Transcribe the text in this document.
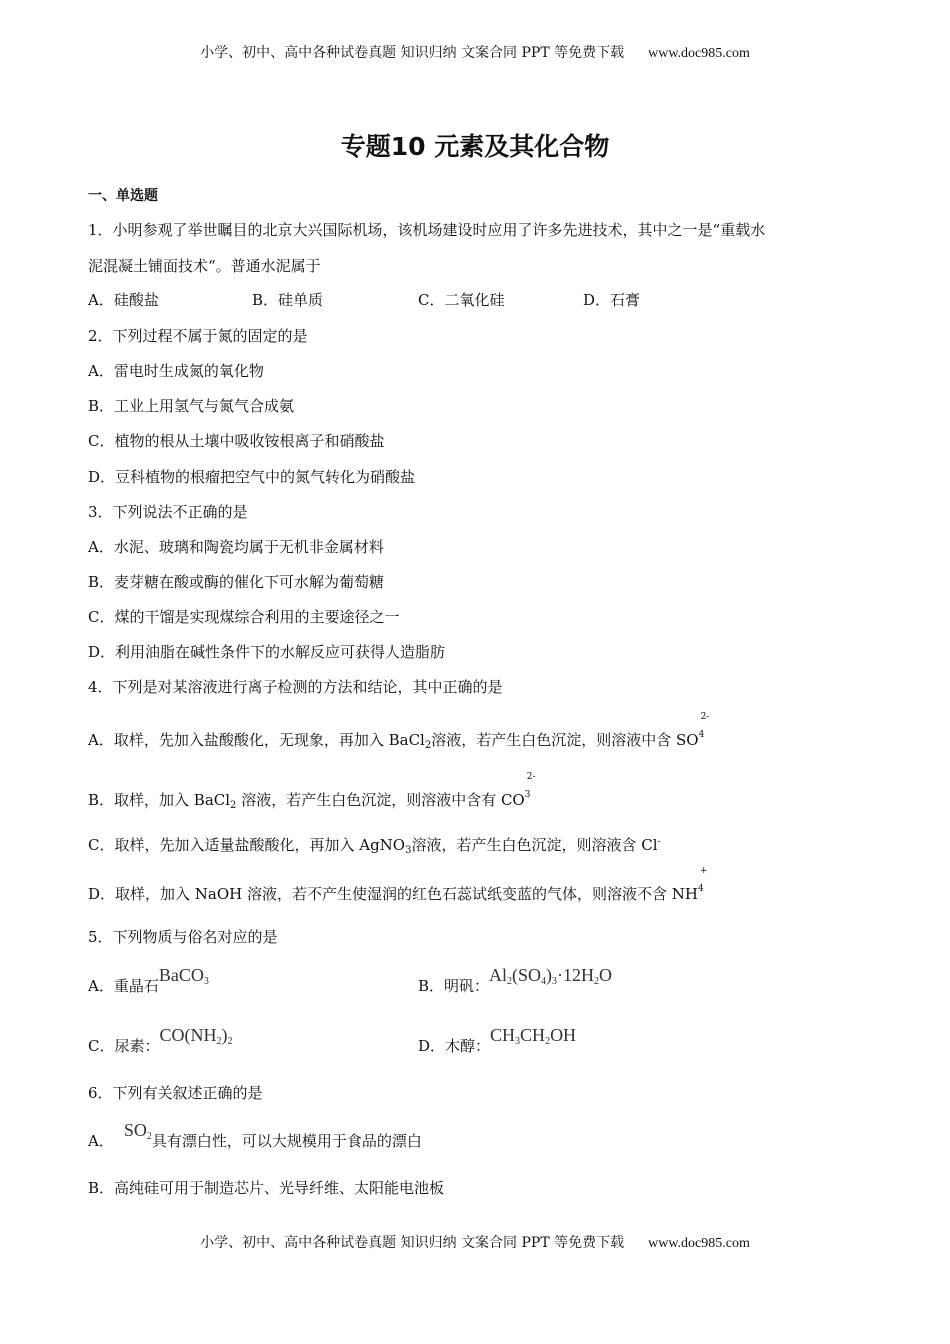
小学、初中、高中各种试卷真题 知识归纳 文案合同 PPT 等免费下载 www.doc985.com
专题10 元素及其化合物
一、单选题
1．小明参观了举世瞩目的北京大兴国际机场，该机场建设时应用了许多先进技术，其中之一是“重载水
泥混凝土铺面技术“。普通水泥属于
A．硅酸盐	B．硅单质	C．二氧化硅	D．石膏
2．下列过程不属于氮的固定的是
A．雷电时生成氮的氧化物
B．工业上用氢气与氮气合成氨
C．植物的根从土壤中吸收铵根离子和硝酸盐
D．豆科植物的根瘤把空气中的氮气转化为硝酸盐
3．下列说法不正确的是
A．水泥、玻璃和陶瓷均属于无机非金属材料
B．麦芽糖在酸或酶的催化下可水解为葡萄糖
C．煤的干馏是实现煤综合利用的主要途径之一
D．利用油脂在碱性条件下的水解反应可获得人造脂肪
4．下列是对某溶液进行离子检测的方法和结论，其中正确的是
A．取样，先加入盐酸酸化，无现象，再加入 BaCl$_2$溶液，若产生白色沉淀，则溶液中含 SO
2-
$^4$
B．取样，加入 BaCl$_2$ 溶液，若产生白色沉淀，则溶液中含有 CO
2-
$^3$
C．取样，先加入适量盐酸酸化，再加入 AgNO$_3$溶液，若产生白色沉淀，则溶液含 Cl-
D．取样，加入 NaOH 溶液，若不产生使湿润的红色石蕊试纸变蓝的气体，则溶液不含 NH
+
$^4$
5．下列物质与俗名对应的是
A．重晶石BaCO3	B．明矾：Al2(SO4)3·12H2O
C．尿素：CO(NH2)2	D．木醇：CH3CH2OH
6．下列有关叙述正确的是
A．SO2具有漂白性，可以大规模用于食品的漂白
B．高纯硅可用于制造芯片、光导纤维、太阳能电池板
小学、初中、高中各种试卷真题 知识归纳 文案合同 PPT 等免费下载 www.doc985.com
